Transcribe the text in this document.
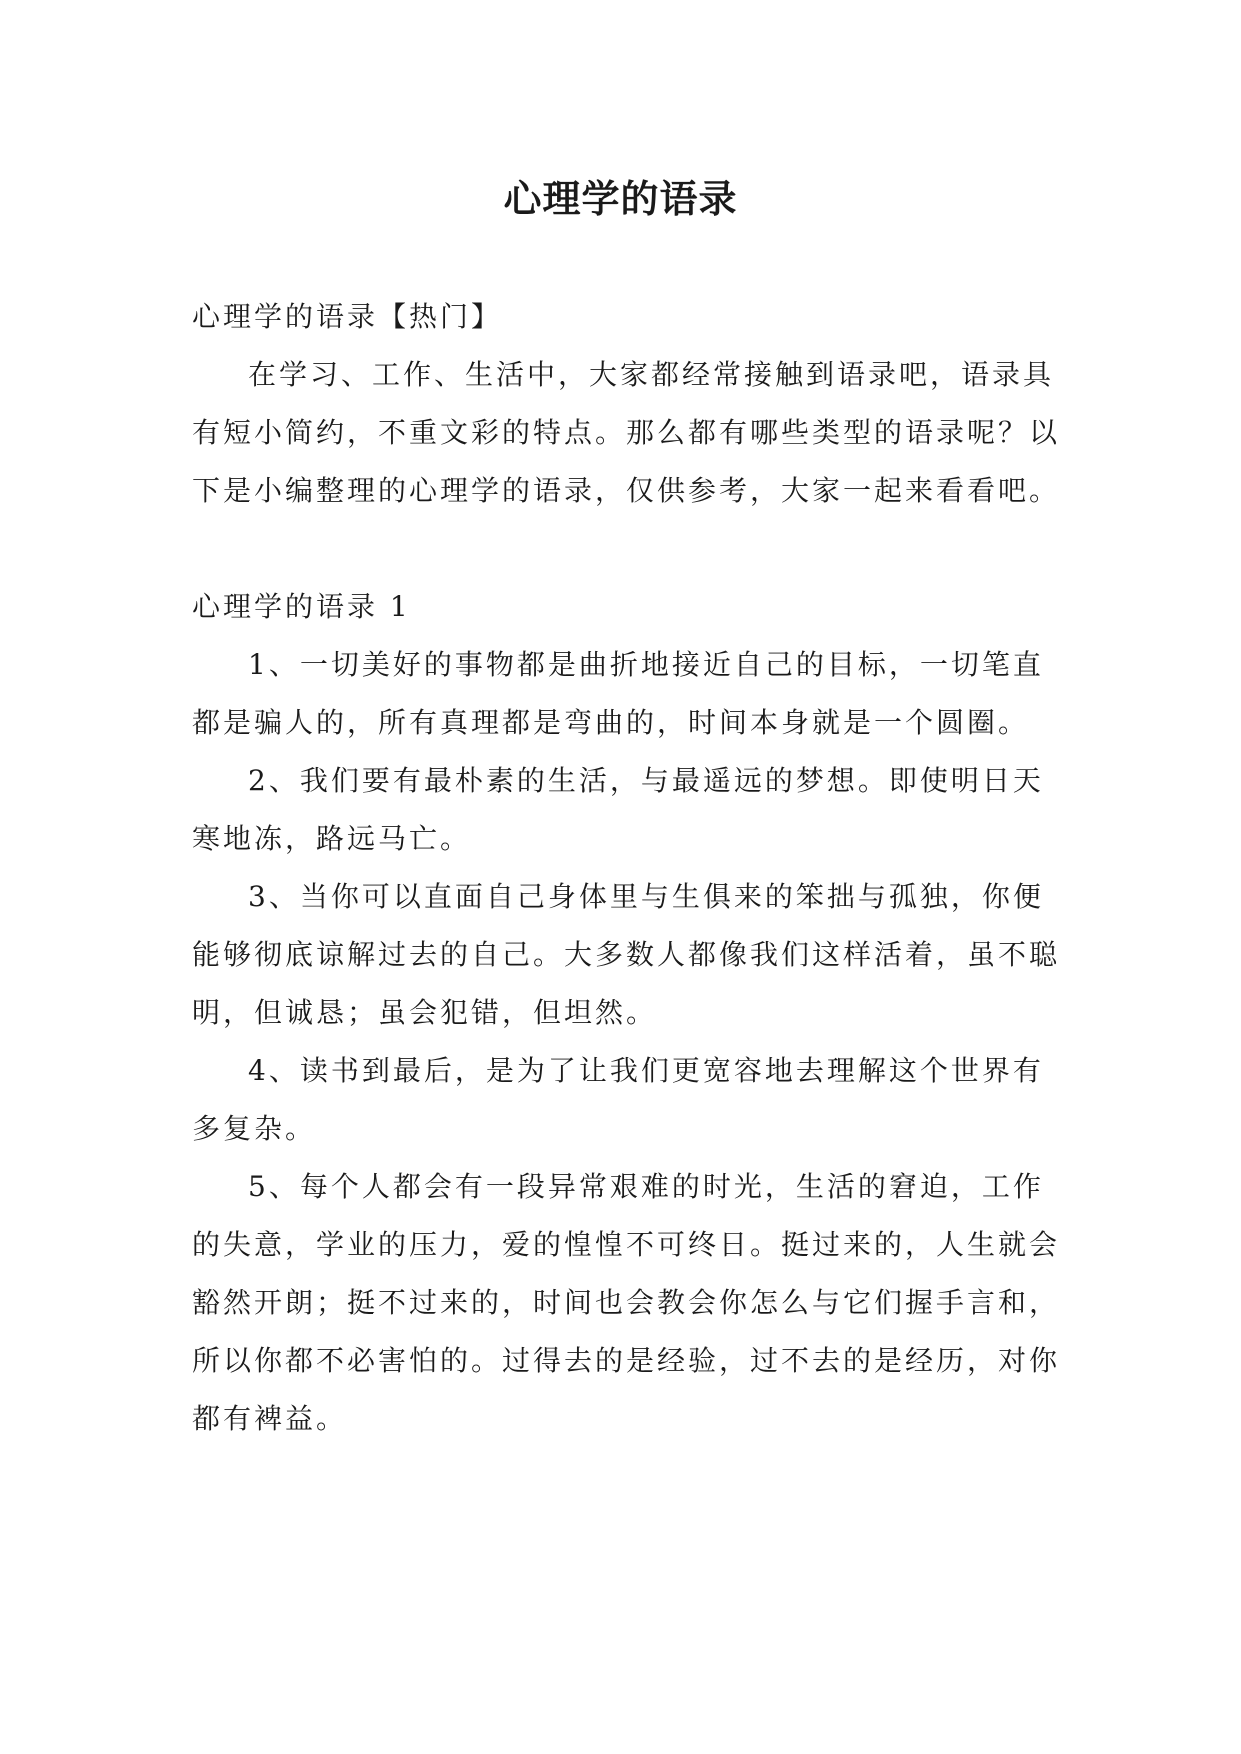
心理学的语录

心理学的语录【热门】

在学习、工作、生活中，大家都经常接触到语录吧，语录具有短小简约，不重文彩的特点。那么都有哪些类型的语录呢？以下是小编整理的心理学的语录，仅供参考，大家一起来看看吧。

心理学的语录 1

1、一切美好的事物都是曲折地接近自己的目标，一切笔直都是骗人的，所有真理都是弯曲的，时间本身就是一个圆圈。

2、我们要有最朴素的生活，与最遥远的梦想。即使明日天寒地冻，路远马亡。

3、当你可以直面自己身体里与生俱来的笨拙与孤独，你便能够彻底谅解过去的自己。大多数人都像我们这样活着，虽不聪明，但诚恳；虽会犯错，但坦然。

4、读书到最后，是为了让我们更宽容地去理解这个世界有多复杂。

5、每个人都会有一段异常艰难的时光，生活的窘迫，工作的失意，学业的压力，爱的惶惶不可终日。挺过来的，人生就会豁然开朗；挺不过来的，时间也会教会你怎么与它们握手言和，所以你都不必害怕的。过得去的是经验，过不去的是经历，对你都有裨益。
